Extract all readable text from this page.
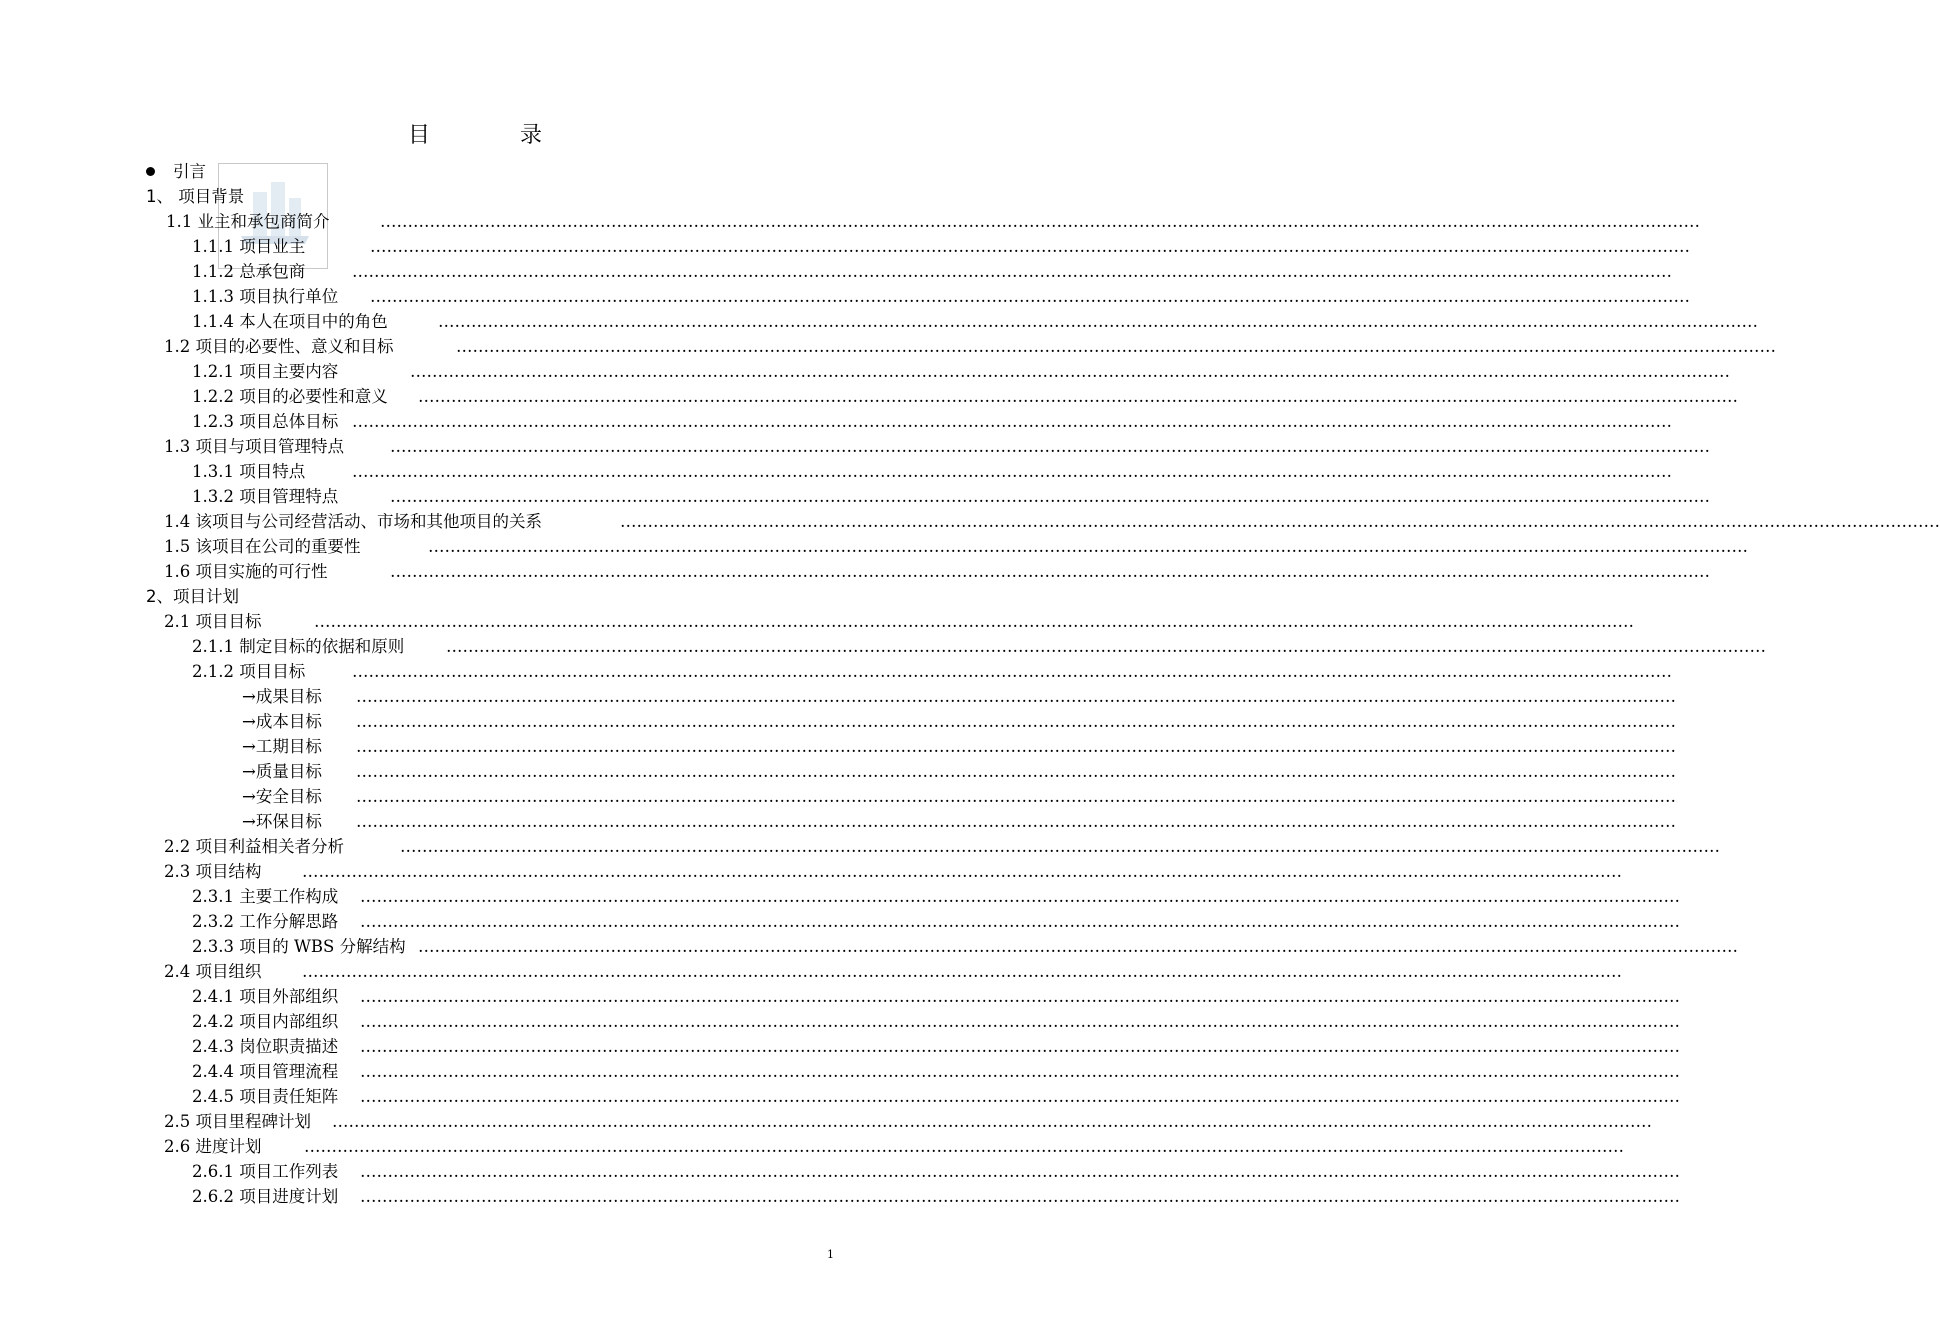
目　录
引言
1、 项目背景
1.1 业主和承包商简介	……………………………………………………………………………………………………………………………………………………………………………………………………………………
1.1.1 项目业主	……………………………………………………………………………………………………………………………………………………………………………………………………………………
1.1.2 总承包商	……………………………………………………………………………………………………………………………………………………………………………………………………………………
1.1.3 项目执行单位 ……………………………………………………………………………………………………………………………………………………………………………………………………………………
1.1.4 本人在项目中的角色	……………………………………………………………………………………………………………………………………………………………………………………………………………………
1.2 项目的必要性、意义和目标	……………………………………………………………………………………………………………………………………………………………………………………………………………………
1.2.1 项目主要内容	……………………………………………………………………………………………………………………………………………………………………………………………………………………
1.2.2 项目的必要性和意义 ……………………………………………………………………………………………………………………………………………………………………………………………………………………
1.2.3 项目总体目标 ……………………………………………………………………………………………………………………………………………………………………………………………………………………
1.3 项目与项目管理特点	……………………………………………………………………………………………………………………………………………………………………………………………………………………
1.3.1 项目特点	……………………………………………………………………………………………………………………………………………………………………………………………………………………
1.3.2 项目管理特点	……………………………………………………………………………………………………………………………………………………………………………………………………………………
1.4 该项目与公司经营活动、市场和其他项目的关系	……………………………………………………………………………………………………………………………………………………………………………………………………………………
1.5 该项目在公司的重要性	……………………………………………………………………………………………………………………………………………………………………………………………………………………
1.6 项目实施的可行性	……………………………………………………………………………………………………………………………………………………………………………………………………………………
2、项目计划
2.1 项目目标	……………………………………………………………………………………………………………………………………………………………………………………………………………………
2.1.1 制定目标的依据和原则	……………………………………………………………………………………………………………………………………………………………………………………………………………………
2.1.2 项目目标	……………………………………………………………………………………………………………………………………………………………………………………………………………………
→成果目标 ……………………………………………………………………………………………………………………………………………………………………………………………………………………
→成本目标 ……………………………………………………………………………………………………………………………………………………………………………………………………………………
→工期目标 ……………………………………………………………………………………………………………………………………………………………………………………………………………………
→质量目标 ……………………………………………………………………………………………………………………………………………………………………………………………………………………
→安全目标 ……………………………………………………………………………………………………………………………………………………………………………………………………………………
→环保目标 ……………………………………………………………………………………………………………………………………………………………………………………………………………………
2.2 项目利益相关者分析	……………………………………………………………………………………………………………………………………………………………………………………………………………………
2.3 项目结构 ……………………………………………………………………………………………………………………………………………………………………………………………………………………
2.3.1 主要工作构成 ……………………………………………………………………………………………………………………………………………………………………………………………………………………
2.3.2 工作分解思路 ……………………………………………………………………………………………………………………………………………………………………………………………………………………
2.3.3 项目的 WBS 分解结构 ……………………………………………………………………………………………………………………………………………………………………………………………………………………
2.4 项目组织 ……………………………………………………………………………………………………………………………………………………………………………………………………………………
2.4.1 项目外部组织 ……………………………………………………………………………………………………………………………………………………………………………………………………………………
2.4.2 项目内部组织 ……………………………………………………………………………………………………………………………………………………………………………………………………………………
2.4.3 岗位职责描述 ……………………………………………………………………………………………………………………………………………………………………………………………………………………
2.4.4 项目管理流程 ……………………………………………………………………………………………………………………………………………………………………………………………………………………
2.4.5 项目责任矩阵 ……………………………………………………………………………………………………………………………………………………………………………………………………………………
2.5 项目里程碑计划 ……………………………………………………………………………………………………………………………………………………………………………………………………………………
2.6 进度计划	……………………………………………………………………………………………………………………………………………………………………………………………………………………
2.6.1 项目工作列表 ……………………………………………………………………………………………………………………………………………………………………………………………………………………
2.6.2 项目进度计划 ……………………………………………………………………………………………………………………………………………………………………………………………………………………
1
